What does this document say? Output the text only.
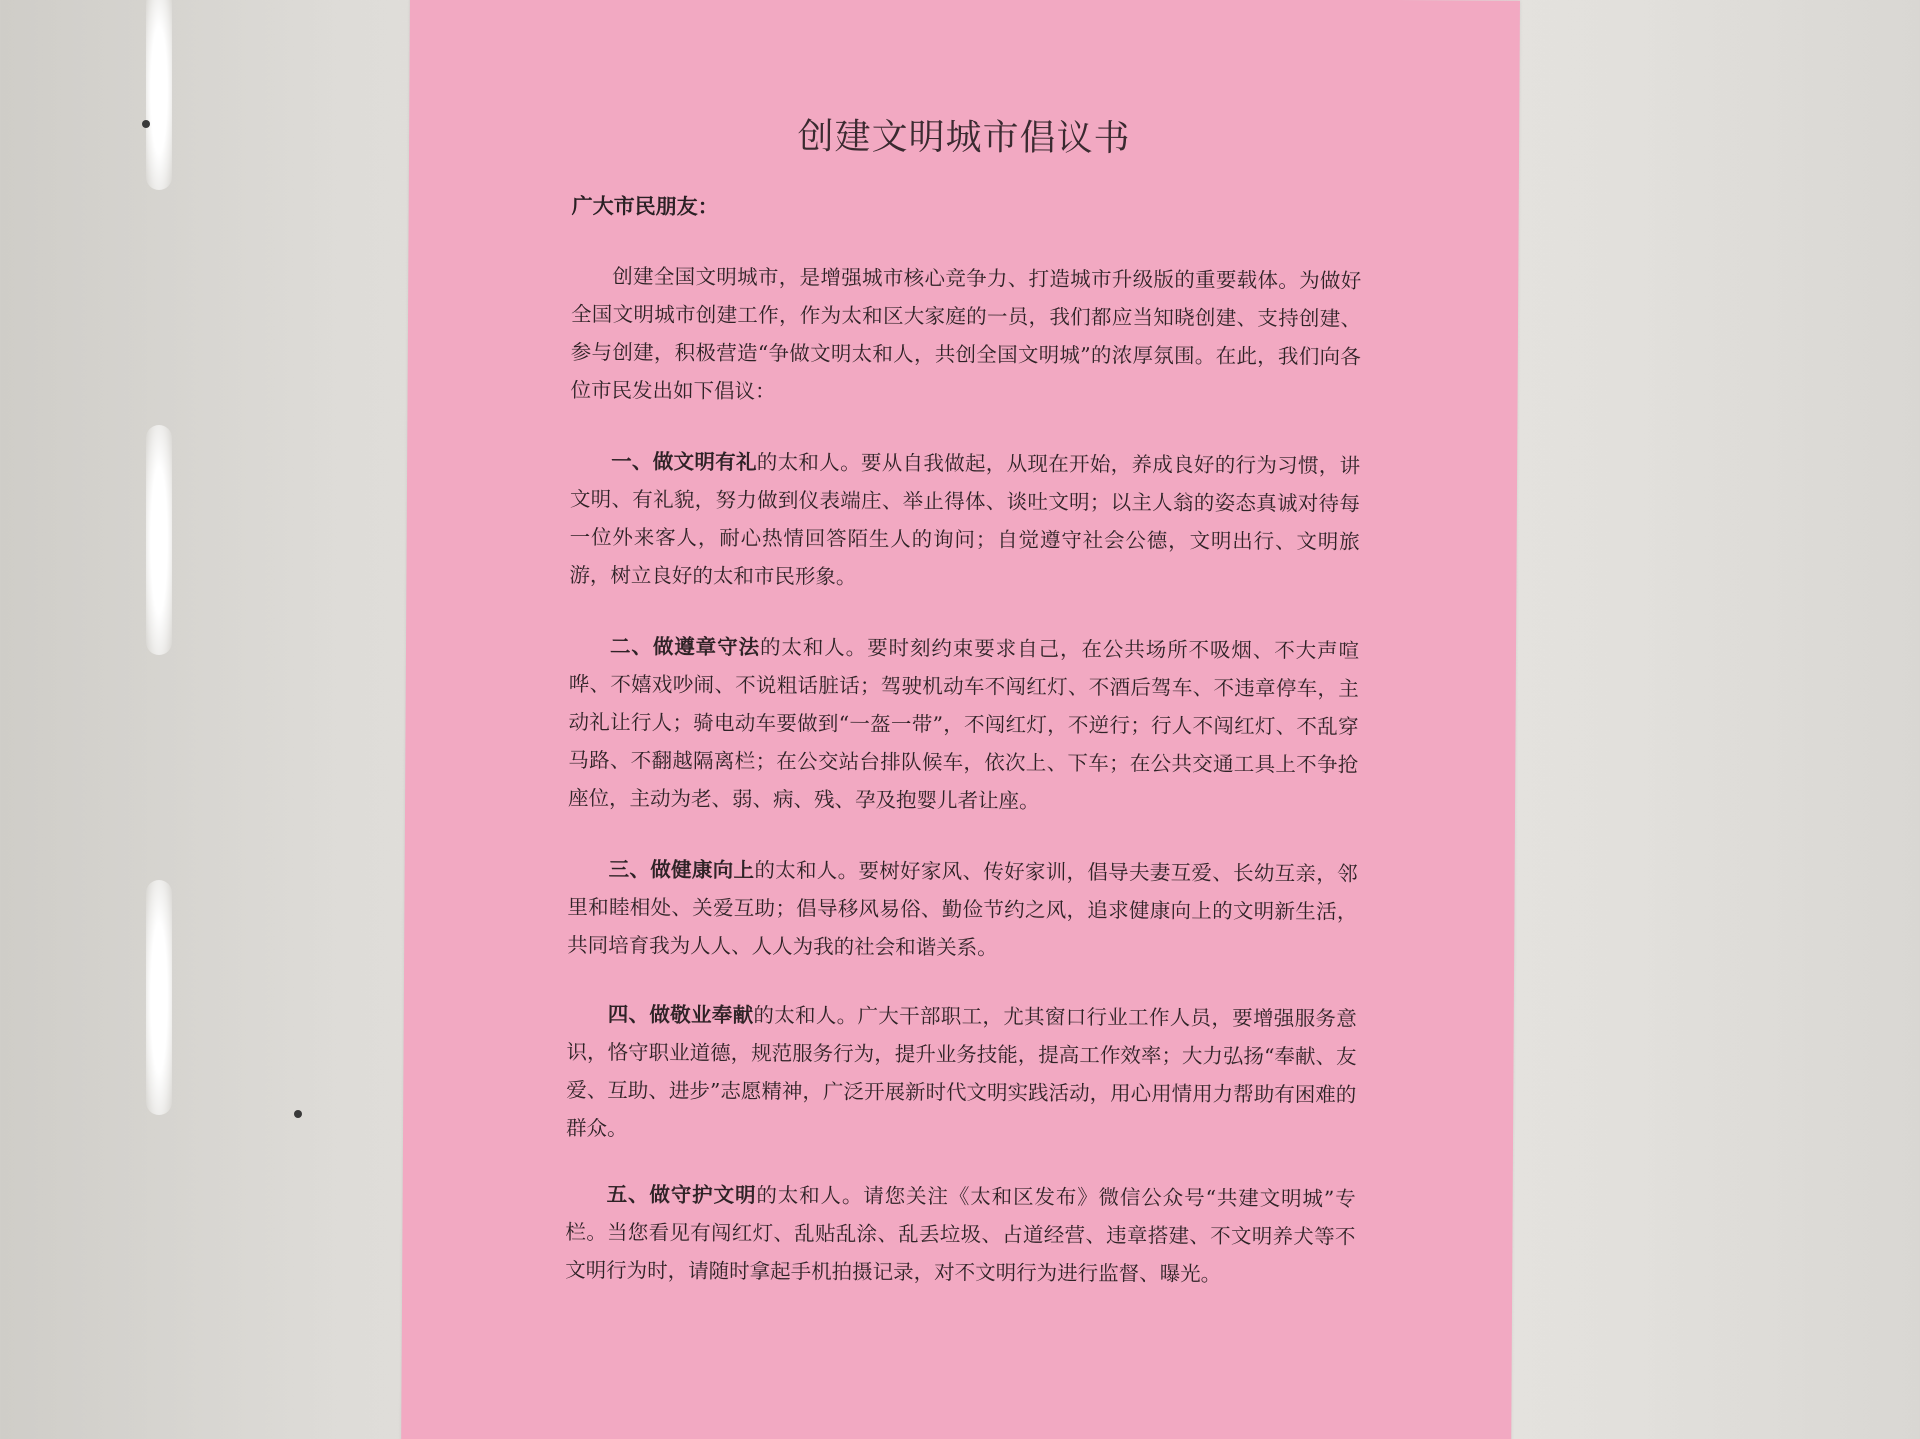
创建文明城市倡议书
广大市民朋友：

创建全国文明城市，是增强城市核心竞争力、打造城市升级版的重要载体。为做好全国文明城市创建工作，作为太和区大家庭的一员，我们都应当知晓创建、支持创建、参与创建，积极营造“争做文明太和人，共创全国文明城”的浓厚氛围。在此，我们向各位市民发出如下倡议：

一、做文明有礼的太和人。要从自我做起，从现在开始，养成良好的行为习惯，讲文明、有礼貌，努力做到仪表端庄、举止得体、谈吐文明；以主人翁的姿态真诚对待每一位外来客人，耐心热情回答陌生人的询问；自觉遵守社会公德，文明出行、文明旅游，树立良好的太和市民形象。

二、做遵章守法的太和人。要时刻约束要求自己，在公共场所不吸烟、不大声喧哗、不嬉戏吵闹、不说粗话脏话；驾驶机动车不闯红灯、不酒后驾车、不违章停车，主动礼让行人；骑电动车要做到“一盔一带”，不闯红灯，不逆行；行人不闯红灯、不乱穿马路、不翻越隔离栏；在公交站台排队候车，依次上、下车；在公共交通工具上不争抢座位，主动为老、弱、病、残、孕及抱婴儿者让座。

三、做健康向上的太和人。要树好家风、传好家训，倡导夫妻互爱、长幼互亲，邻里和睦相处、关爱互助；倡导移风易俗、勤俭节约之风，追求健康向上的文明新生活，共同培育我为人人、人人为我的社会和谐关系。

四、做敬业奉献的太和人。广大干部职工，尤其窗口行业工作人员，要增强服务意识，恪守职业道德，规范服务行为，提升业务技能，提高工作效率；大力弘扬“奉献、友爱、互助、进步”志愿精神，广泛开展新时代文明实践活动，用心用情用力帮助有困难的群众。

五、做守护文明的太和人。请您关注《太和区发布》微信公众号“共建文明城”专栏。当您看见有闯红灯、乱贴乱涂、乱丢垃圾、占道经营、违章搭建、不文明养犬等不文明行为时，请随时拿起手机拍摄记录，对不文明行为进行监督、曝光。
